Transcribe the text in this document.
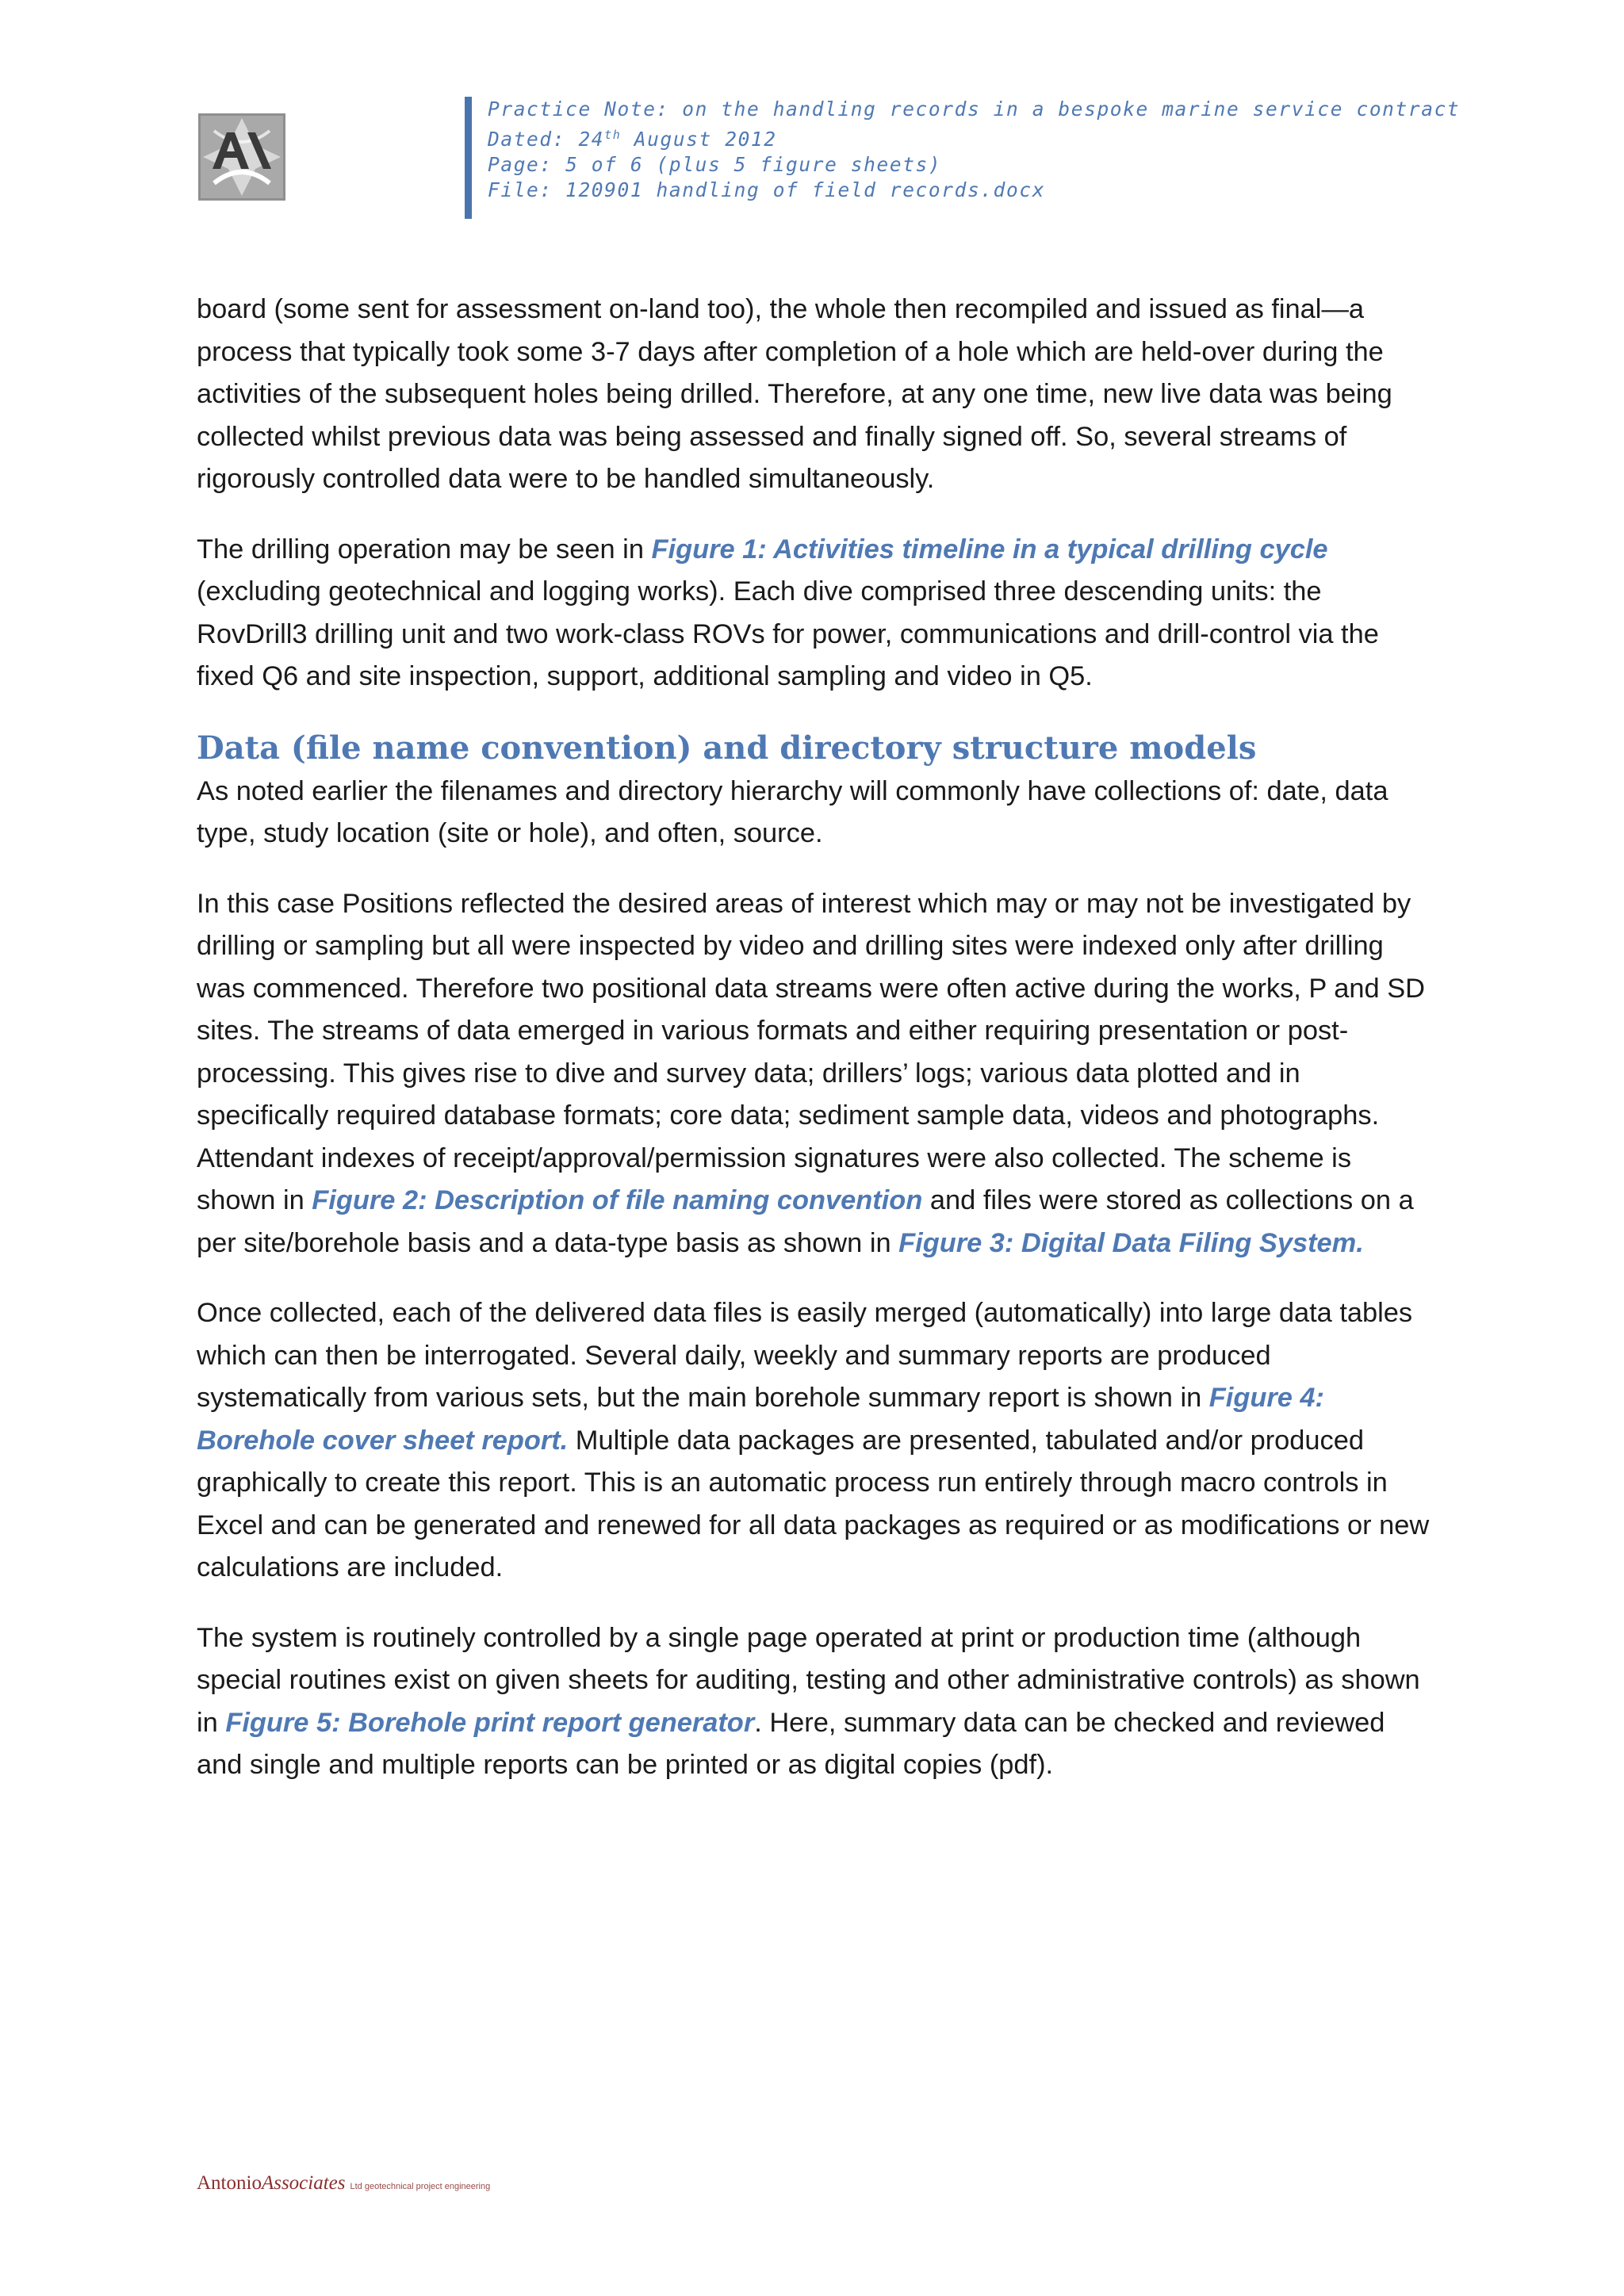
Practice Note: on the handling records in a bespoke marine service contract
Dated: 24th August 2012
Page: 5 of 6 (plus 5 figure sheets)
File: 120901 handling of field records.docx

board (some sent for assessment on-land too), the whole then recompiled and issued as final—a process that typically took some 3-7 days after completion of a hole which are held-over during the activities of the subsequent holes being drilled. Therefore, at any one time, new live data was being collected whilst previous data was being assessed and finally signed off. So, several streams of rigorously controlled data were to be handled simultaneously.

The drilling operation may be seen in Figure 1: Activities timeline in a typical drilling cycle (excluding geotechnical and logging works). Each dive comprised three descending units: the RovDrill3 drilling unit and two work-class ROVs for power, communications and drill-control via the fixed Q6 and site inspection, support, additional sampling and video in Q5.

Data (file name convention) and directory structure models

As noted earlier the filenames and directory hierarchy will commonly have collections of: date, data type, study location (site or hole), and often, source.

In this case Positions reflected the desired areas of interest which may or may not be investigated by drilling or sampling but all were inspected by video and drilling sites were indexed only after drilling was commenced. Therefore two positional data streams were often active during the works, P and SD sites. The streams of data emerged in various formats and either requiring presentation or post-processing. This gives rise to dive and survey data; drillers’ logs; various data plotted and in specifically required database formats; core data; sediment sample data, videos and photographs. Attendant indexes of receipt/approval/permission signatures were also collected. The scheme is shown in Figure 2: Description of file naming convention and files were stored as collections on a per site/borehole basis and a data-type basis as shown in Figure 3: Digital Data Filing System.

Once collected, each of the delivered data files is easily merged (automatically) into large data tables which can then be interrogated. Several daily, weekly and summary reports are produced systematically from various sets, but the main borehole summary report is shown in Figure 4: Borehole cover sheet report. Multiple data packages are presented, tabulated and/or produced graphically to create this report. This is an automatic process run entirely through macro controls in Excel and can be generated and renewed for all data packages as required or as modifications or new calculations are included.

The system is routinely controlled by a single page operated at print or production time (although special routines exist on given sheets for auditing, testing and other administrative controls) as shown in Figure 5: Borehole print report generator. Here, summary data can be checked and reviewed and single and multiple reports can be printed or as digital copies (pdf).

AntonioAssociates Ltd geotechnical project engineering
